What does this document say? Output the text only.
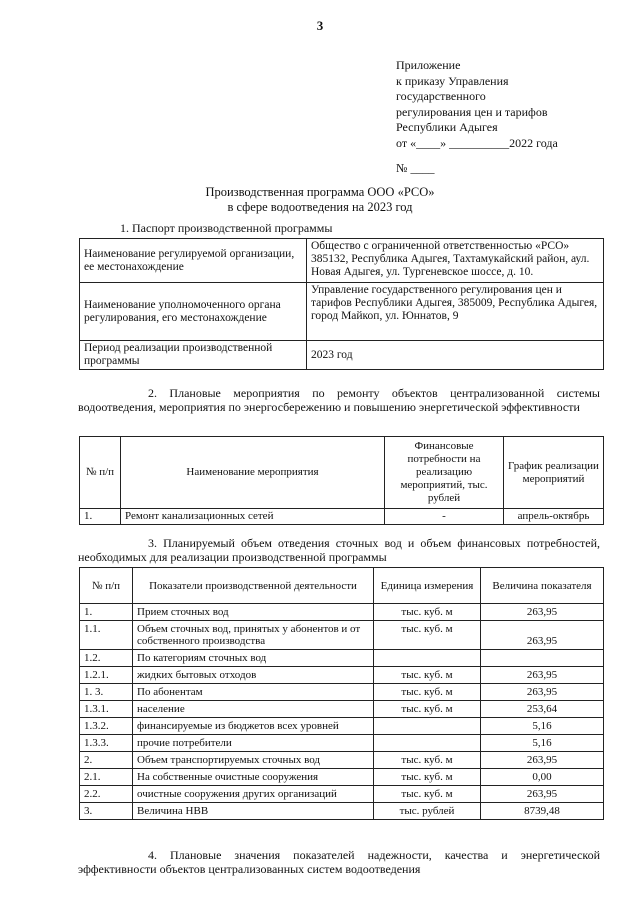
3
Приложение
к приказу Управления
государственного
регулирования цен и тарифов
Республики Адыгея
от «____» __________2022 года
№ ____
Производственная программа ООО «РСО»
в сфере водоотведения на 2023 год
1. Паспорт производственной программы
Наименование регулируемой организации, ее местонахождение	Общество с ограниченной ответственностью «РСО» 385132, Республика Адыгея, Тахтамукайский район, аул. Новая Адыгея, ул. Тургеневское шоссе, д. 10.
Наименование уполномоченного органа регулирования, его местонахождение	Управление государственного регулирования цен и тарифов Республики Адыгея, 385009, Республика Адыгея, город Майкоп, ул. Юннатов, 9
Период реализации производственной программы	2023 год
2. Плановые мероприятия по ремонту объектов централизованной системы водоотведения, мероприятия по энергосбережению и повышению энергетической эффективности
№ п/п	Наименование мероприятия	Финансовые потребности на реализацию мероприятий, тыс. рублей	График реализации мероприятий
1.	Ремонт канализационных сетей	-	апрель-октябрь
3. Планируемый объем отведения сточных вод и объем финансовых потребностей, необходимых для реализации производственной программы
№ п/п	Показатели производственной деятельности	Единица измерения	Величина показателя
1.	Прием сточных вод	тыс. куб. м	263,95
1.1.	Объем сточных вод, принятых у абонентов и от собственного производства	тыс. куб. м	263,95
1.2.	По категориям сточных вод		
1.2.1.	жидких бытовых отходов	тыс. куб. м	263,95
1. 3.	По абонентам	тыс. куб. м	263,95
1.3.1.	население	тыс. куб. м	253,64
1.3.2.	финансируемые из бюджетов всех уровней		5,16
1.3.3.	прочие потребители		5,16
2.	Объем транспортируемых сточных вод	тыс. куб. м	263,95
2.1.	На собственные очистные сооружения	тыс. куб. м	0,00
2.2.	очистные сооружения других организаций	тыс. куб. м	263,95
3.	Величина НВВ	тыс. рублей	8739,48
4. Плановые значения показателей надежности, качества и энергетической эффективности объектов централизованных систем водоотведения
